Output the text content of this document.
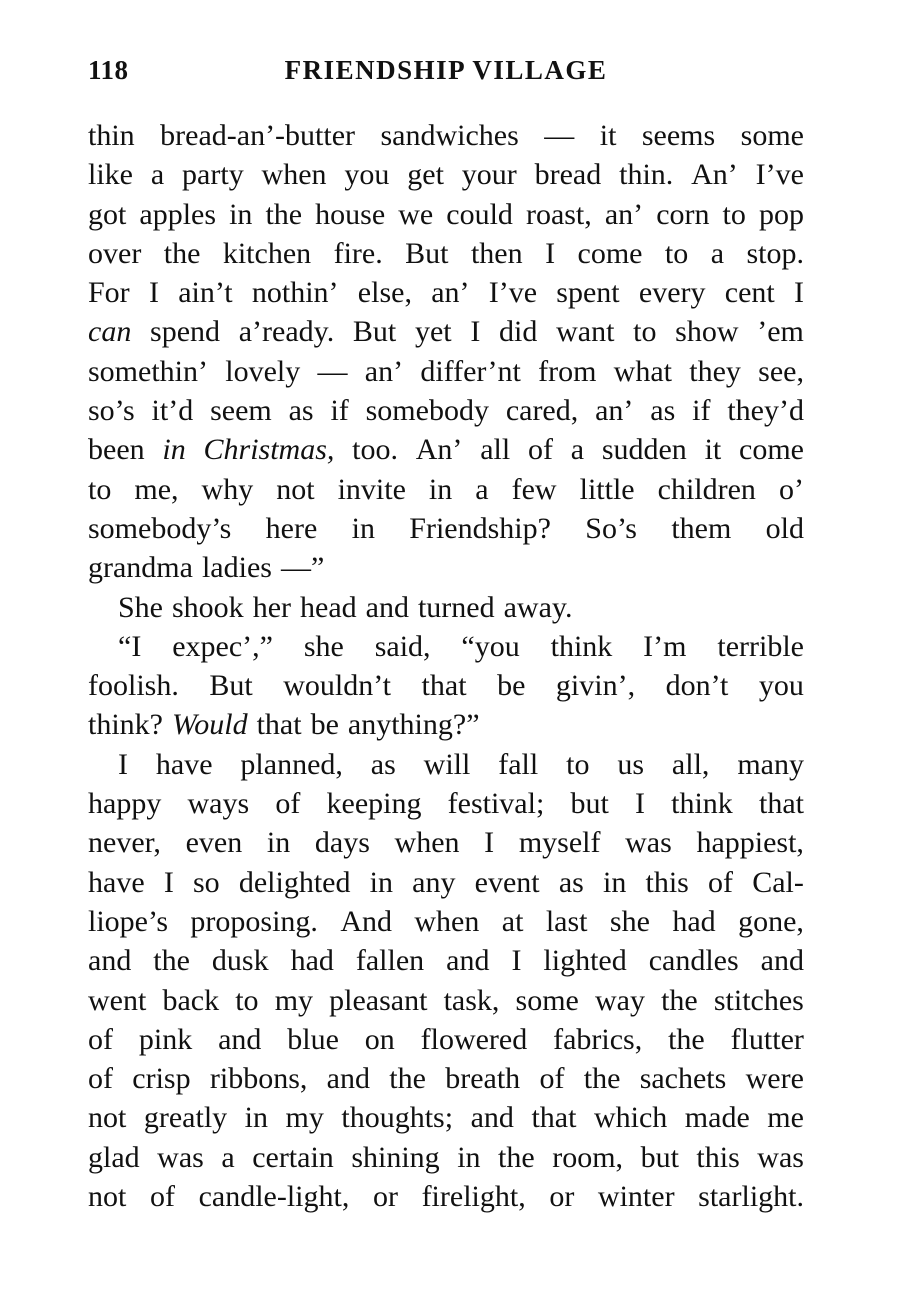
118	FRIENDSHIP VILLAGE
thin bread-an’-butter sandwiches — it seems some
like a party when you get your bread thin. An’ I’ve
got apples in the house we could roast, an’ corn to pop
over the kitchen fire. But then I come to a stop.
For I ain’t nothin’ else, an’ I’ve spent every cent I
can spend a’ready. But yet I did want to show ’em
somethin’ lovely — an’ differ’nt from what they see,
so’s it’d seem as if somebody cared, an’ as if they’d
been in Christmas, too. An’ all of a sudden it come
to me, why not invite in a few little children o’
somebody’s here in Friendship? So’s them old
grandma ladies —”
She shook her head and turned away.
“I expec’,” she said, “you think I’m terrible
foolish. But wouldn’t that be givin’, don’t you
think? Would that be anything?”
I have planned, as will fall to us all, many
happy ways of keeping festival; but I think that
never, even in days when I myself was happiest,
have I so delighted in any event as in this of Cal-
liope’s proposing. And when at last she had gone,
and the dusk had fallen and I lighted candles and
went back to my pleasant task, some way the stitches
of pink and blue on flowered fabrics, the flutter
of crisp ribbons, and the breath of the sachets were
not greatly in my thoughts; and that which made me
glad was a certain shining in the room, but this was
not of candle-light, or firelight, or winter starlight.
